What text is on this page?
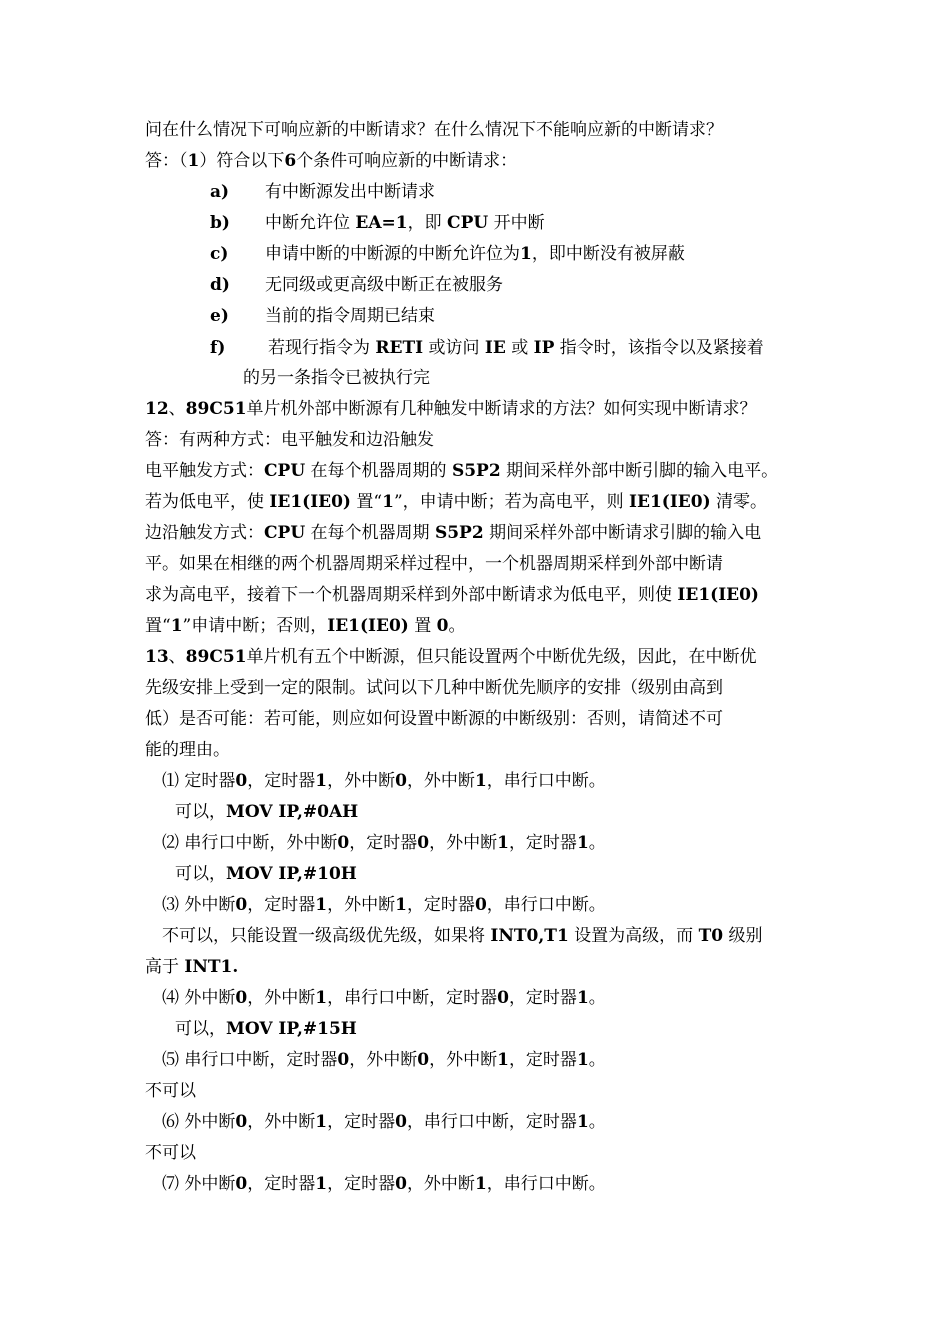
问在什么情况下可响应新的中断请求？在什么情况下不能响应新的中断请求？
答：（1）符合以下6个条件可响应新的中断请求：
a) 有中断源发出中断请求
b) 中断允许位 EA=1，即 CPU 开中断
c) 申请中断的中断源的中断允许位为1，即中断没有被屏蔽
d) 无同级或更高级中断正在被服务
e) 当前的指令周期已结束
f)	若现行指令为 RETI 或访问 IE 或 IP 指令时，该指令以及紧接着
的另一条指令已被执行完
12、89C51单片机外部中断源有几种触发中断请求的方法？如何实现中断请求？
答：有两种方式：电平触发和边沿触发
电平触发方式：CPU 在每个机器周期的 S5P2 期间采样外部中断引脚的输入电平。
若为低电平，使 IE1(IE0) 置“1”，申请中断；若为高电平，则 IE1(IE0) 清零。
边沿触发方式：CPU 在每个机器周期 S5P2 期间采样外部中断请求引脚的输入电
平。如果在相继的两个机器周期采样过程中，一个机器周期采样到外部中断请
求为高电平，接着下一个机器周期采样到外部中断请求为低电平，则使 IE1(IE0)
置“1”申请中断；否则，IE1(IE0) 置 0。
13、89C51单片机有五个中断源，但只能设置两个中断优先级，因此，在中断优
先级安排上受到一定的限制。试问以下几种中断优先顺序的安排（级别由高到
低）是否可能：若可能，则应如何设置中断源的中断级别：否则，请简述不可
能的理由。
⑴ 定时器0，定时器1，外中断0，外中断1，串行口中断。
可以，MOV IP,#0AH
⑵ 串行口中断，外中断0，定时器0，外中断1，定时器1。
可以，MOV IP,#10H
⑶ 外中断0，定时器1，外中断1，定时器0，串行口中断。
不可以，只能设置一级高级优先级，如果将 INT0,T1 设置为高级，而 T0 级别
高于 INT1.
⑷ 外中断0，外中断1，串行口中断，定时器0，定时器1。
可以，MOV IP,#15H
⑸ 串行口中断，定时器0，外中断0，外中断1，定时器1。
不可以
⑹ 外中断0，外中断1，定时器0，串行口中断，定时器1。
不可以
⑺ 外中断0，定时器1，定时器0，外中断1，串行口中断。
